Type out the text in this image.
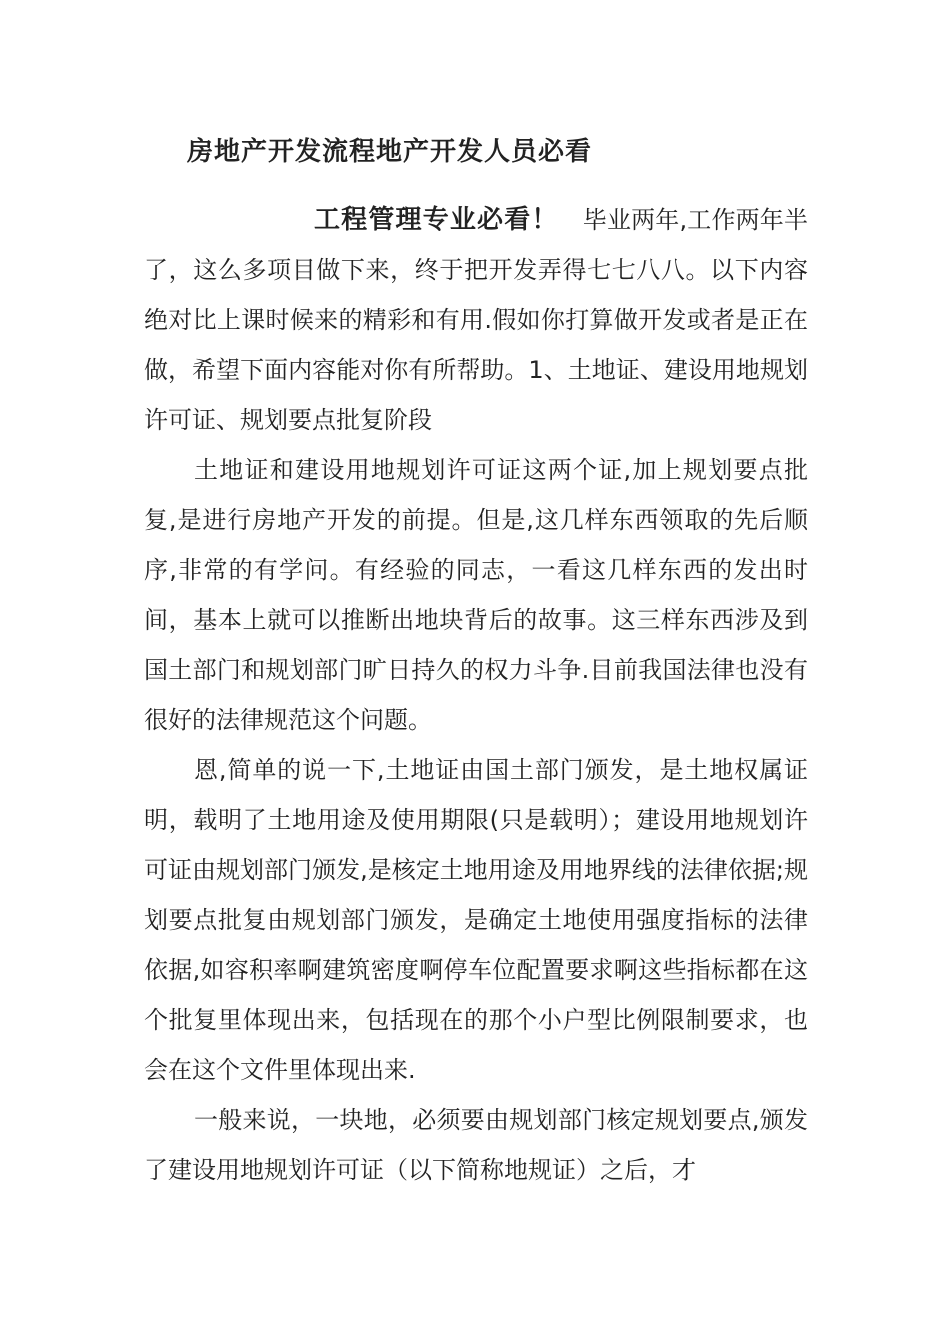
房地产开发流程地产开发人员必看

工程管理专业必看！　毕业两年,工作两年半了，这么多项目做下来，终于把开发弄得七七八八。以下内容绝对比上课时候来的精彩和有用.假如你打算做开发或者是正在做，希望下面内容能对你有所帮助。1、土地证、建设用地规划许可证、规划要点批复阶段

土地证和建设用地规划许可证这两个证,加上规划要点批复,是进行房地产开发的前提。但是,这几样东西领取的先后顺序,非常的有学问。有经验的同志，一看这几样东西的发出时间，基本上就可以推断出地块背后的故事。这三样东西涉及到国土部门和规划部门旷日持久的权力斗争.目前我国法律也没有很好的法律规范这个问题。

恩,简单的说一下,土地证由国土部门颁发，是土地权属证明，载明了土地用途及使用期限(只是载明）；建设用地规划许可证由规划部门颁发,是核定土地用途及用地界线的法律依据;规划要点批复由规划部门颁发，是确定土地使用强度指标的法律依据,如容积率啊建筑密度啊停车位配置要求啊这些指标都在这个批复里体现出来，包括现在的那个小户型比例限制要求，也会在这个文件里体现出来.

一般来说，一块地，必须要由规划部门核定规划要点,颁发了建设用地规划许可证（以下简称地规证）之后，才
